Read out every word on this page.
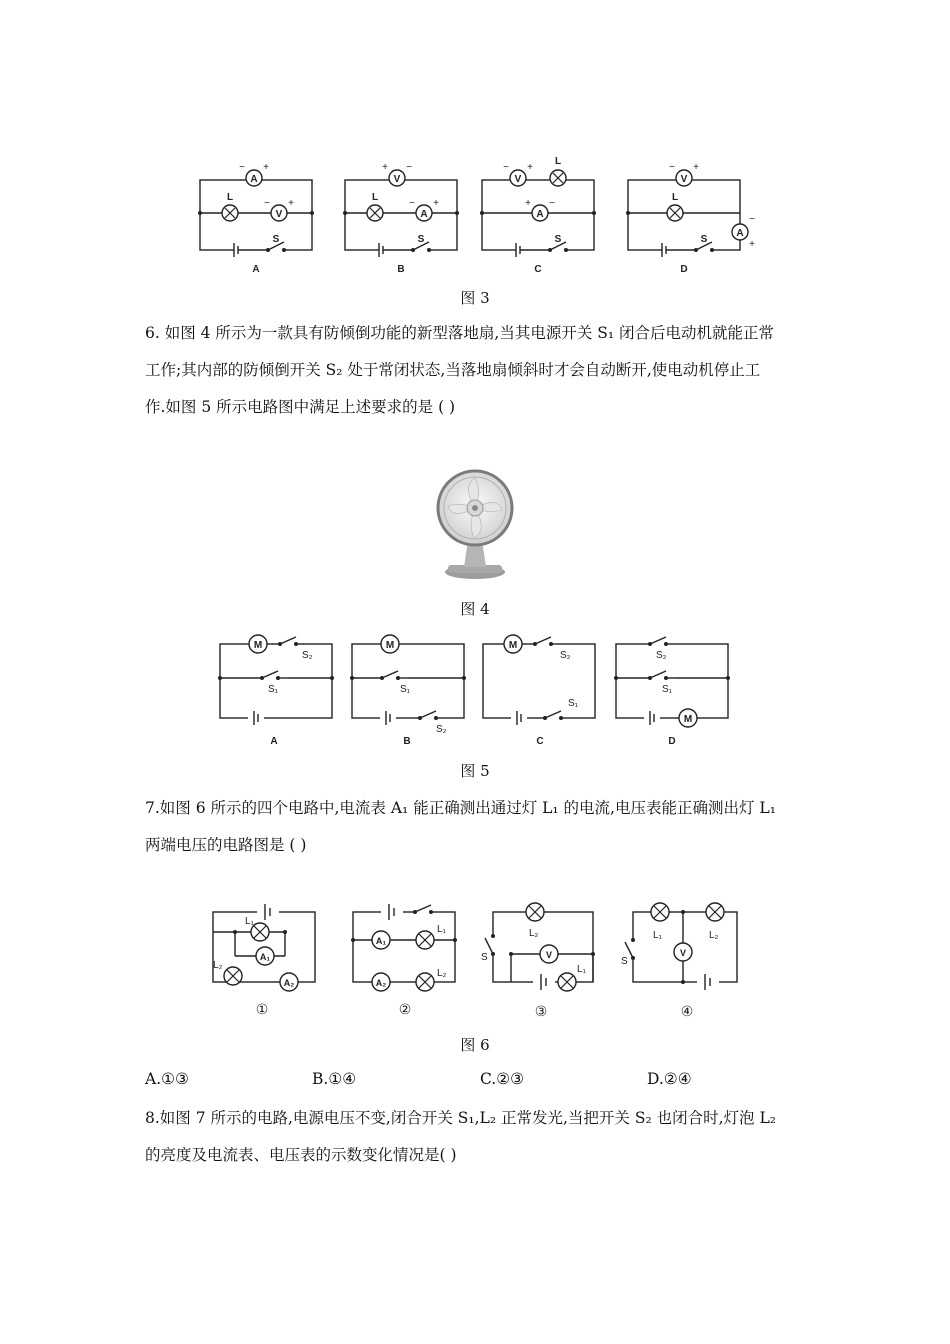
A
V
V
A
V
A
V
A
L	L
L
L
S	S	S	S
A	B	C	D
− +
− +
+ −
− +
− +
+ −
− +
−
+
图 3
6. 如图 4 所示为一款具有防倾倒功能的新型落地扇,当其电源开关 S₁ 闭合后电动机就能正常
工作;其内部的防倾倒开关 S₂ 处于常闭状态,当落地扇倾斜时才会自动断开,使电动机停止工
作.如图 5 所示电路图中满足上述要求的是 ( )
图 4
M	M	M
M
A	B	C	D
S₂
S₁	S₁
S₂
S₂
S₁
S₂
S₁
图 5
7.如图 6 所示的四个电路中,电流表 A₁ 能正确测出通过灯 L₁ 的电流,电压表能正确测出灯 L₁
两端电压的电路图是 ( )
A₁
A₂
A₁
A₂
V	V
L₁
L₂
L₁
L₂
L₂
L₁
S
L₁	L₂
S
①	②	③	④
图 6
A.①③	B.①④	C.②③	D.②④
8.如图 7 所示的电路,电源电压不变,闭合开关 S₁,L₂ 正常发光,当把开关 S₂ 也闭合时,灯泡 L₂
的亮度及电流表、电压表的示数变化情况是( )
